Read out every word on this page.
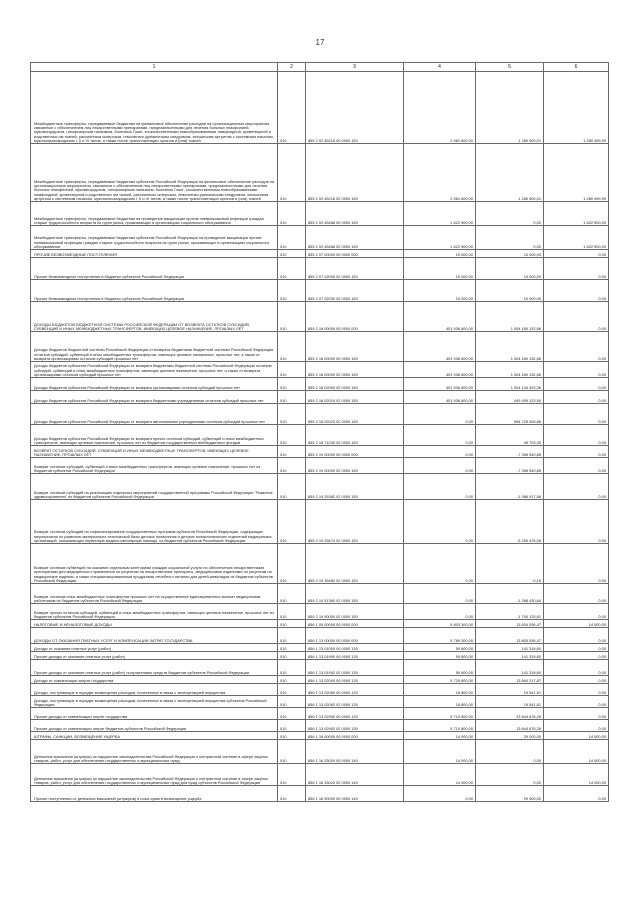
17
1	2	3	4	5	6
Межбюджетные трансферты, передаваемые бюджетам на финансовое обеспечение расходов на организационные мероприятия, связанные с обеспечением лиц лекарственными препаратами, предназначенными для лечения больных гемофилией, муковисцидозом, гипофизарным нанизмом, болезнью Гоше, злокачественными новообразованиями лимфоидной, кроветворной и родственных им тканей, рассеянным склерозом, гемолитико-уремическим синдромом, юношеским артритом с системным началом, мукополисахаридозом I, II и VI типов, а также после трансплантации органов и (или) тканей	010	855 2 02 45216 00 0000 150	2 561 600,00	1 280 500,01	1 280 499,99
Межбюджетные трансферты, передаваемые бюджетам субъектов Российской Федерации на финансовое обеспечение расходов на организационные мероприятия, связанные с обеспечением лиц лекарственными препаратами, предназначенными для лечения больных гемофилией, муковисцидозом, гипофизарным нанизмом, болезнью Гоше, злокачественными новообразованиями лимфоидной, кроветворной и родственных им тканей, рассеянным склерозом, гемолитико-уремическим синдромом, юношеским артритом с системным началом, мукополисахаридозом I, II и VI типов, а также после трансплантации органов и (или) тканей	010	855 2 02 45216 02 0000 150	2 561 600,00	1 280 500,01	1 280 499,99
Межбюджетные трансферты, передаваемые бюджетам на проведение вакцинации против пневмококковой инфекции граждан старше трудоспособного возраста из групп риска, проживающих в организациях социального обслуживания	010	855 2 02 45468 00 0000 150	1 622 500,00	0,00	1 622 500,00
Межбюджетные трансферты, передаваемые бюджетам субъектов Российской Федерации на проведение вакцинации против пневмококковой инфекции граждан старше трудоспособного возраста из групп риска, проживающих в организациях социального обслуживания	010	855 2 02 45468 02 0000 150	1 622 500,00	0,00	1 622 500,00
ПРОЧИЕ БЕЗВОЗМЕЗДНЫЕ ПОСТУПЛЕНИЯ	010	855 2 07 00000 00 0000 000	10 000,00	10 000,00	0,00
Прочие безвозмездные поступления в бюджеты субъектов Российской Федерации	010	855 2 07 02000 02 0000 150	10 000,00	10 000,00	0,00
Прочие безвозмездные поступления в бюджеты субъектов Российской Федерации	010	855 2 07 02030 02 0000 150	10 000,00	10 000,00	0,00
ДОХОДЫ БЮДЖЕТОВ БЮДЖЕТНОЙ СИСТЕМЫ РОССИЙСКОЙ ФЕДЕРАЦИИ ОТ ВОЗВРАТА ОСТАТКОВ СУБСИДИЙ, СУБВЕНЦИЙ И ИНЫХ МЕЖБЮДЖЕТНЫХ ТРАНСФЕРТОВ, ИМЕЮЩИХ ЦЕЛЕВОЕ НАЗНАЧЕНИЕ, ПРОШЛЫХ ЛЕТ	010	855 2 18 00000 00 0000 000	401 936 600,00	1 004 180 132,66	0,00
Доходы бюджетов бюджетной системы Российской Федерации от возврата бюджетами бюджетной системы Российской Федерации остатков субсидий, субвенций и иных межбюджетных трансфертов, имеющих целевое назначение, прошлых лет, а также от возврата организациями остатков субсидий прошлых лет	010	855 2 18 00000 00 0000 150	401 936 600,00	1 004 180 132,66	0,00
Доходы бюджетов субъектов Российской Федерации от возврата бюджетами бюджетной системы Российской Федерации остатков субсидий, субвенций и иных межбюджетных трансфертов, имеющих целевое назначение, прошлых лет, а также от возврата организациями остатков субсидий прошлых лет	010	855 2 18 00000 02 0000 150	401 936 600,00	1 004 180 132,66	0,00
Доходы бюджетов субъектов Российской Федерации от возврата организациями остатков субсидий прошлых лет	010	855 2 18 02000 02 0000 150	401 936 600,00	1 004 134 429,36	0,00
Доходы бюджетов субъектов Российской Федерации от возврата бюджетными учреждениями остатков субсидий прошлых лет	010	855 2 18 02010 02 0000 150	401 936 600,00	449 459 123,50	0,00
Доходы бюджетов субъектов Российской Федерации от возврата автономными учреждениями остатков субсидий прошлых лет	010	855 2 18 02020 02 0000 150	0,00	554 725 305,86	0,00
Доходы бюджетов субъектов Российской Федерации от возврата прочих остатков субсидий, субвенций и иных межбюджетных трансфертов, имеющих целевое назначение, прошлых лет из бюджетов государственных внебюджетных фондов	010	855 2 18 71030 02 0000 150	0,00	45 703,30	0,00
ВОЗВРАТ ОСТАТКОВ СУБСИДИЙ, СУБВЕНЦИЙ И ИНЫХ МЕЖБЮДЖЕТНЫХ ТРАНСФЕРТОВ, ИМЕЮЩИХ ЦЕЛЕВОЕ НАЗНАЧЕНИЕ, ПРОШЛЫХ ЛЕТ	010	855 2 19 00000 00 0000 000	0,00	-7 355 549,85	0,00
Возврат остатков субсидий, субвенций и иных межбюджетных трансфертов, имеющих целевое назначение, прошлых лет из бюджетов субъектов Российской Федерации	010	855 2 19 00000 02 0000 150	0,00	-7 355 549,85	0,00
Возврат остатков субсидий на реализацию отдельных мероприятий государственной программы Российской Федерации "Развитие здравоохранения" из бюджетов субъектов Российской Федерации	010	855 2 19 25382 02 0000 150	0,00	-1 086 917,56	0,00
Возврат остатков субсидий на софинансирование государственных программ субъектов Российской Федерации, содержащих мероприятия по развитию материально-технической базы детских поликлиник и детских поликлинических отделений медицинских организаций, оказывающих первичную медико-санитарную помощь, из бюджетов субъектов Российской Федерации	010	855 2 19 25674 02 0000 150	0,00	-5 250 476,08	0,00
Возврат остатков субвенций на оказание отдельным категориям граждан социальной услуги по обеспечению лекарственными препаратами для медицинского применения по рецептам на лекарственные препараты, медицинскими изделиями по рецептам на медицинские изделия, а также специализированными продуктами лечебного питания для детей-инвалидов из бюджетов субъектов Российской Федерации	010	855 2 19 35460 02 0000 150	0,00	-0,16	0,00
Возврат остатков иных межбюджетных трансфертов прошлых лет на осуществление единовременных выплат медицинским работникам из бюджетов субъектов Российской Федерации	010	855 2 19 51360 02 0000 150	0,00	-1 288 430,64	0,00
Возврат прочих остатков субсидий, субвенций и иных межбюджетных трансфертов, имеющих целевое назначение, прошлых лет из бюджетов субъектов Российской Федерации	010	855 2 19 90000 02 0000 150	0,00	-1 700 125,61	0,00
НАЛОГОВЫЕ И НЕНАЛОГОВЫЕ ДОХОДЫ	010	856 1 00 00000 00 0000 000	5 803 300,00	13 834 536,47	14 000,00
ДОХОДЫ ОТ ОКАЗАНИЯ ПЛАТНЫХ УСЛУГ И КОМПЕНСАЦИИ ЗАТРАТ ГОСУДАРСТВА	010	856 1 13 00000 00 0000 000	5 789 300,00	13 805 536,47	0,00
Доходы от оказания платных услуг (работ)	010	856 1 13 01000 00 0000 130	59 600,00	141 318,60	0,00
Прочие доходы от оказания платных услуг (работ)	010	856 1 13 01990 00 0000 130	59 600,00	141 318,60	0,00
Прочие доходы от оказания платных услуг (работ) получателями средств бюджетов субъектов Российской Федерации	010	856 1 13 01992 02 0000 130	59 600,00	141 318,60	0,00
Доходы от компенсации затрат государства	010	856 1 13 02000 00 0000 130	5 729 600,00	13 664 217,87	0,00
Доходы, поступающие в порядке возмещения расходов, понесенных в связи с эксплуатацией имущества	010	856 1 13 02060 00 0000 130	18 800,00	19 541,61	0,00
Доходы, поступающие в порядке возмещения расходов, понесенных в связи с эксплуатацией имущества субъектов Российской Федерации	010	856 1 13 02062 02 0000 130	18 800,00	19 541,61	0,00
Прочие доходы от компенсации затрат государства	010	856 1 13 02990 00 0000 130	5 710 800,00	13 644 676,26	0,00
Прочие доходы от компенсации затрат бюджетов субъектов Российской Федерации	010	856 1 13 02992 02 0000 130	5 710 800,00	13 644 676,26	0,00
ШТРАФЫ, САНКЦИИ, ВОЗМЕЩЕНИЕ УЩЕРБА	010	856 1 16 00000 00 0000 000	14 000,00	29 000,00	14 000,00
Денежные взыскания (штрафы) за нарушение законодательства Российской Федерации о контрактной системе в сфере закупок товаров, работ, услуг для обеспечения государственных и муниципальных нужд	010	856 1 16 33000 00 0000 140	14 000,00	0,00	14 000,00
Денежные взыскания (штрафы) за нарушение законодательства Российской Федерации о контрактной системе в сфере закупок товаров, работ, услуг для обеспечения государственных и муниципальных нужд для нужд субъектов Российской Федерации	010	856 1 16 33020 02 0000 140	14 000,00	0,00	14 000,00
Прочие поступления от денежных взысканий (штрафов) и иных сумм в возмещение ущерба	010	856 1 16 90000 00 0000 140	0,00	29 000,00	0,00
